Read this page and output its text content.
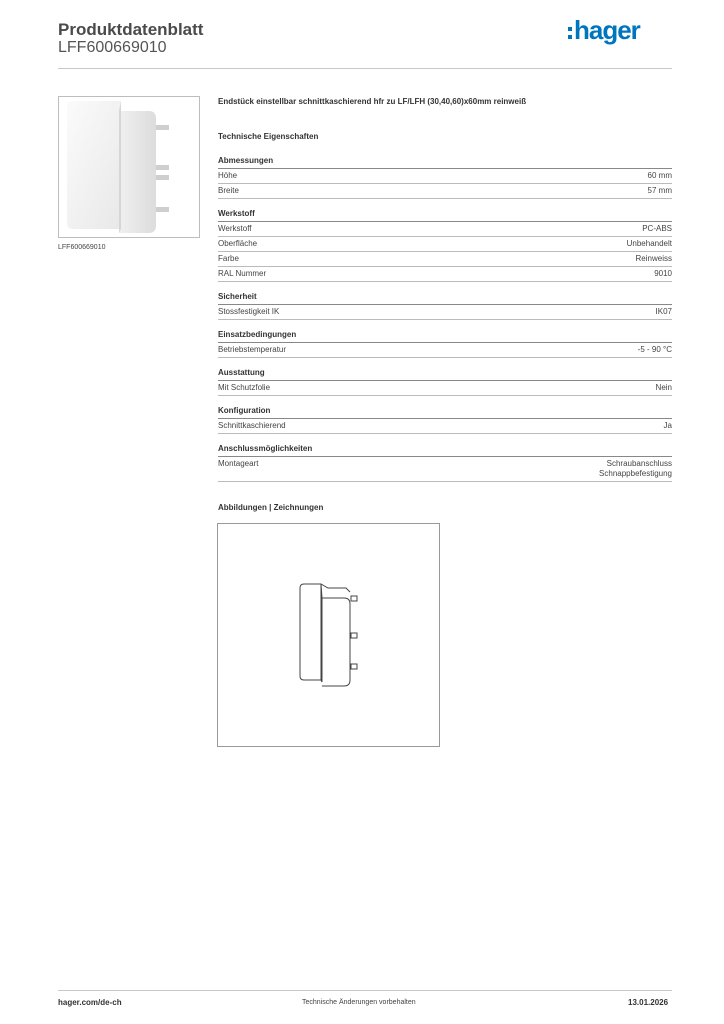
Produktdatenblatt
LFF600669010
hager
LFF600669010
Endstück einstellbar schnittkaschierend hfr zu LF/LFH (30,40,60)x60mm reinweiß
Technische Eigenschaften
Abmessungen
Höhe	60 mm
Breite	57 mm
Werkstoff
Werkstoff	PC-ABS
Oberfläche	Unbehandelt
Farbe	Reinweiss
RAL Nummer	9010
Sicherheit
Stossfestigkeit IK	IK07
Einsatzbedingungen
Betriebstemperatur	-5 - 90 °C
Ausstattung
Mit Schutzfolie	Nein
Konfiguration
Schnittkaschierend	Ja
Anschlussmöglichkeiten
Montageart	Schraubanschluss
Schnappbefestigung
Abbildungen | Zeichnungen
hager.com/de-ch	Technische Änderungen vorbehalten	13.01.2026
